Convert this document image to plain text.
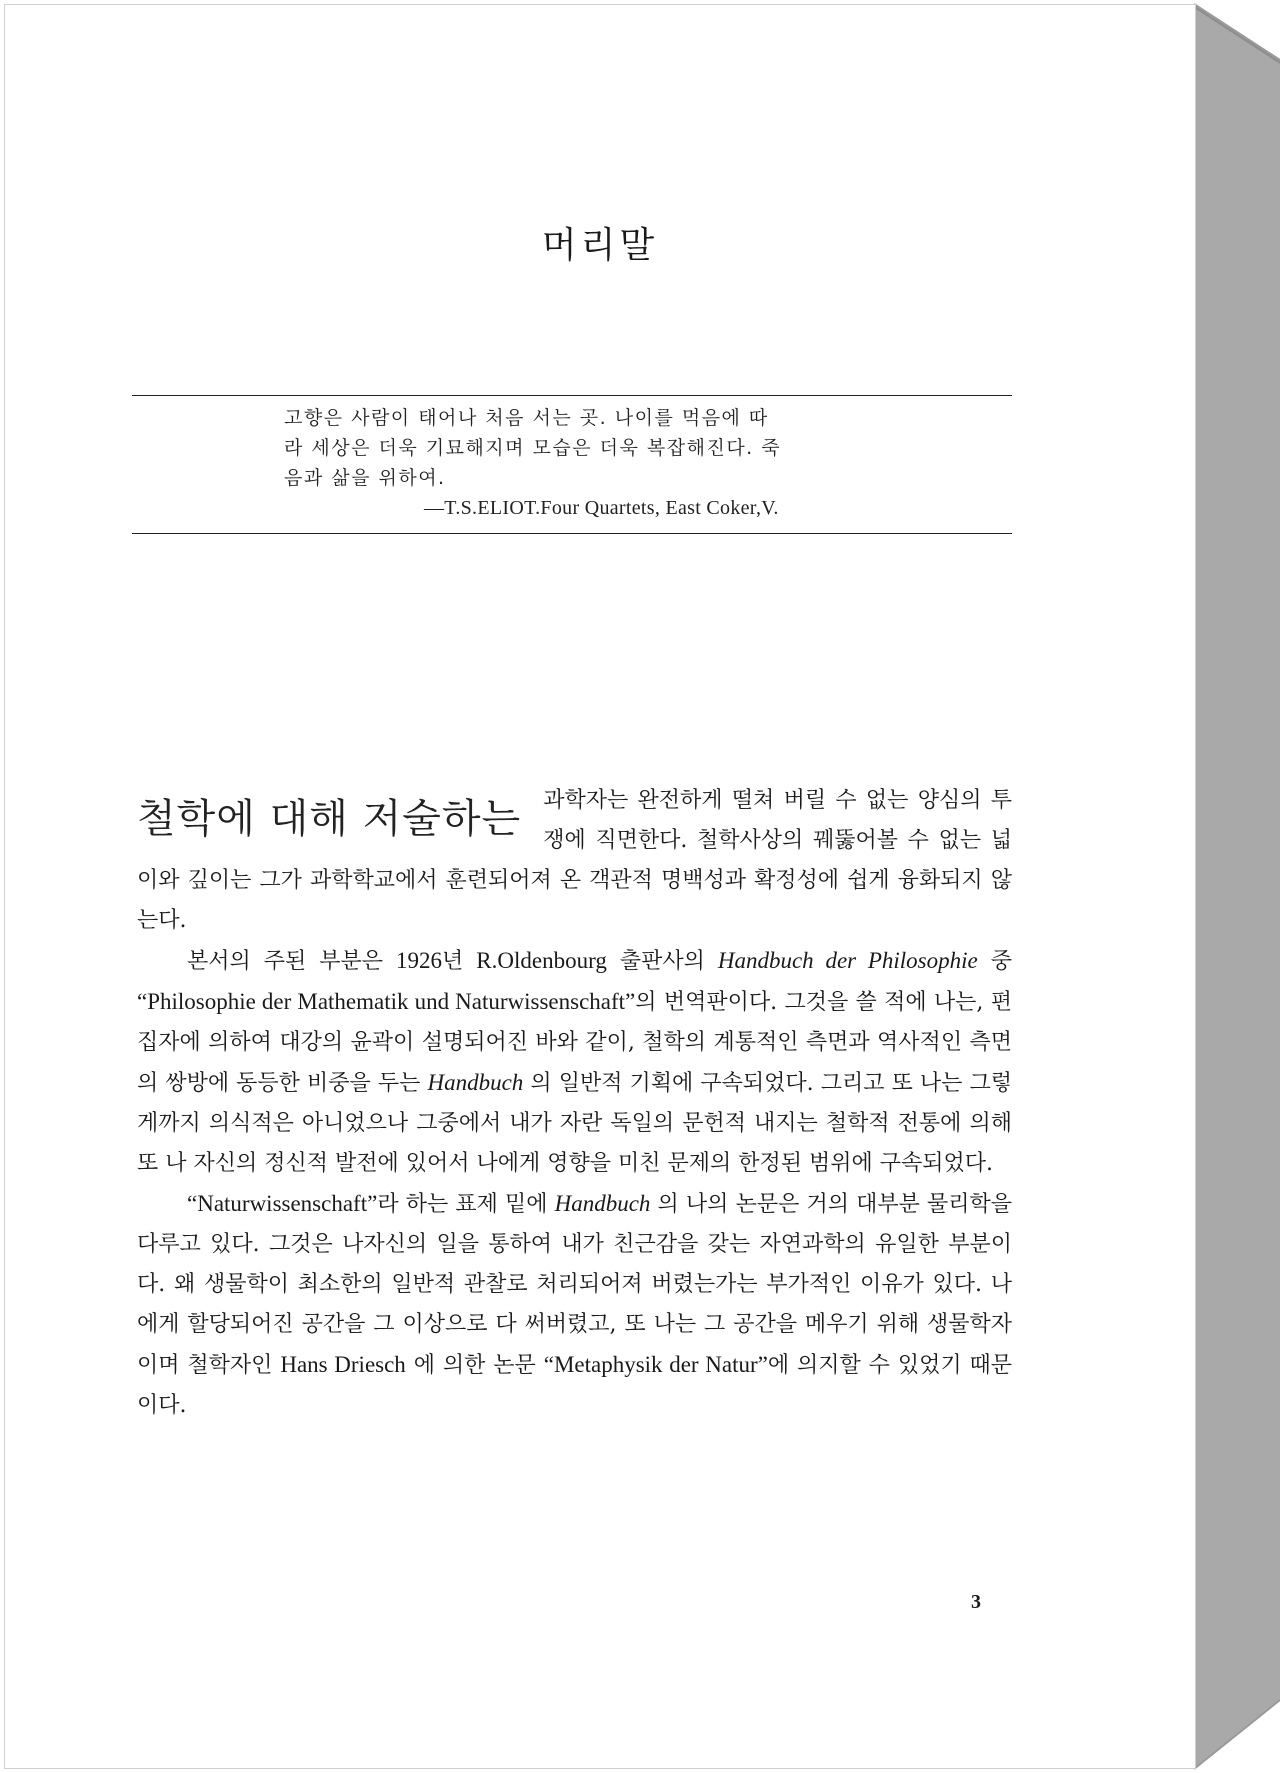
머리말
고향은 사람이 태어나 처음 서는 곳. 나이를 먹음에 따
라 세상은 더욱 기묘해지며 모습은 더욱 복잡해진다. 죽
음과 삶을 위하여.
—T.S.ELIOT.Four Quartets, East Coker,V.
철학에 대해 저술하는	과학자는 완전하게 떨쳐 버릴 수 없는 양심의 투쟁에 직면한다. 철학사상의 꿰뚫어볼 수 없는 넓이와 깊이는 그가 과학학교에서 훈련되어져 온 객관적 명백성과 확정성에 쉽게 융화되지 않는다.

본서의 주된 부분은 1926년 R.Oldenbourg 출판사의 Handbuch der Philosophie 중 “Philosophie der Mathematik und Naturwissenschaft”의 번역판이다. 그것을 쓸 적에 나는, 편집자에 의하여 대강의 윤곽이 설명되어진 바와 같이, 철학의 계통적인 측면과 역사적인 측면의 쌍방에 동등한 비중을 두는 Handbuch 의 일반적 기획에 구속되었다. 그리고 또 나는 그렇게까지 의식적은 아니었으나 그중에서 내가 자란 독일의 문헌적 내지는 철학적 전통에 의해 또 나 자신의 정신적 발전에 있어서 나에게 영향을 미친 문제의 한정된 범위에 구속되었다.

“Naturwissenschaft”라 하는 표제 밑에 Handbuch 의 나의 논문은 거의 대부분 물리학을 다루고 있다. 그것은 나자신의 일을 통하여 내가 친근감을 갖는 자연과학의 유일한 부분이다. 왜 생물학이 최소한의 일반적 관찰로 처리되어져 버렸는가는 부가적인 이유가 있다. 나에게 할당되어진 공간을 그 이상으로 다 써버렸고, 또 나는 그 공간을 메우기 위해 생물학자이며 철학자인 Hans Driesch 에 의한 논문 “Metaphysik der Natur”에 의지할 수 있었기 때문이다.

3
